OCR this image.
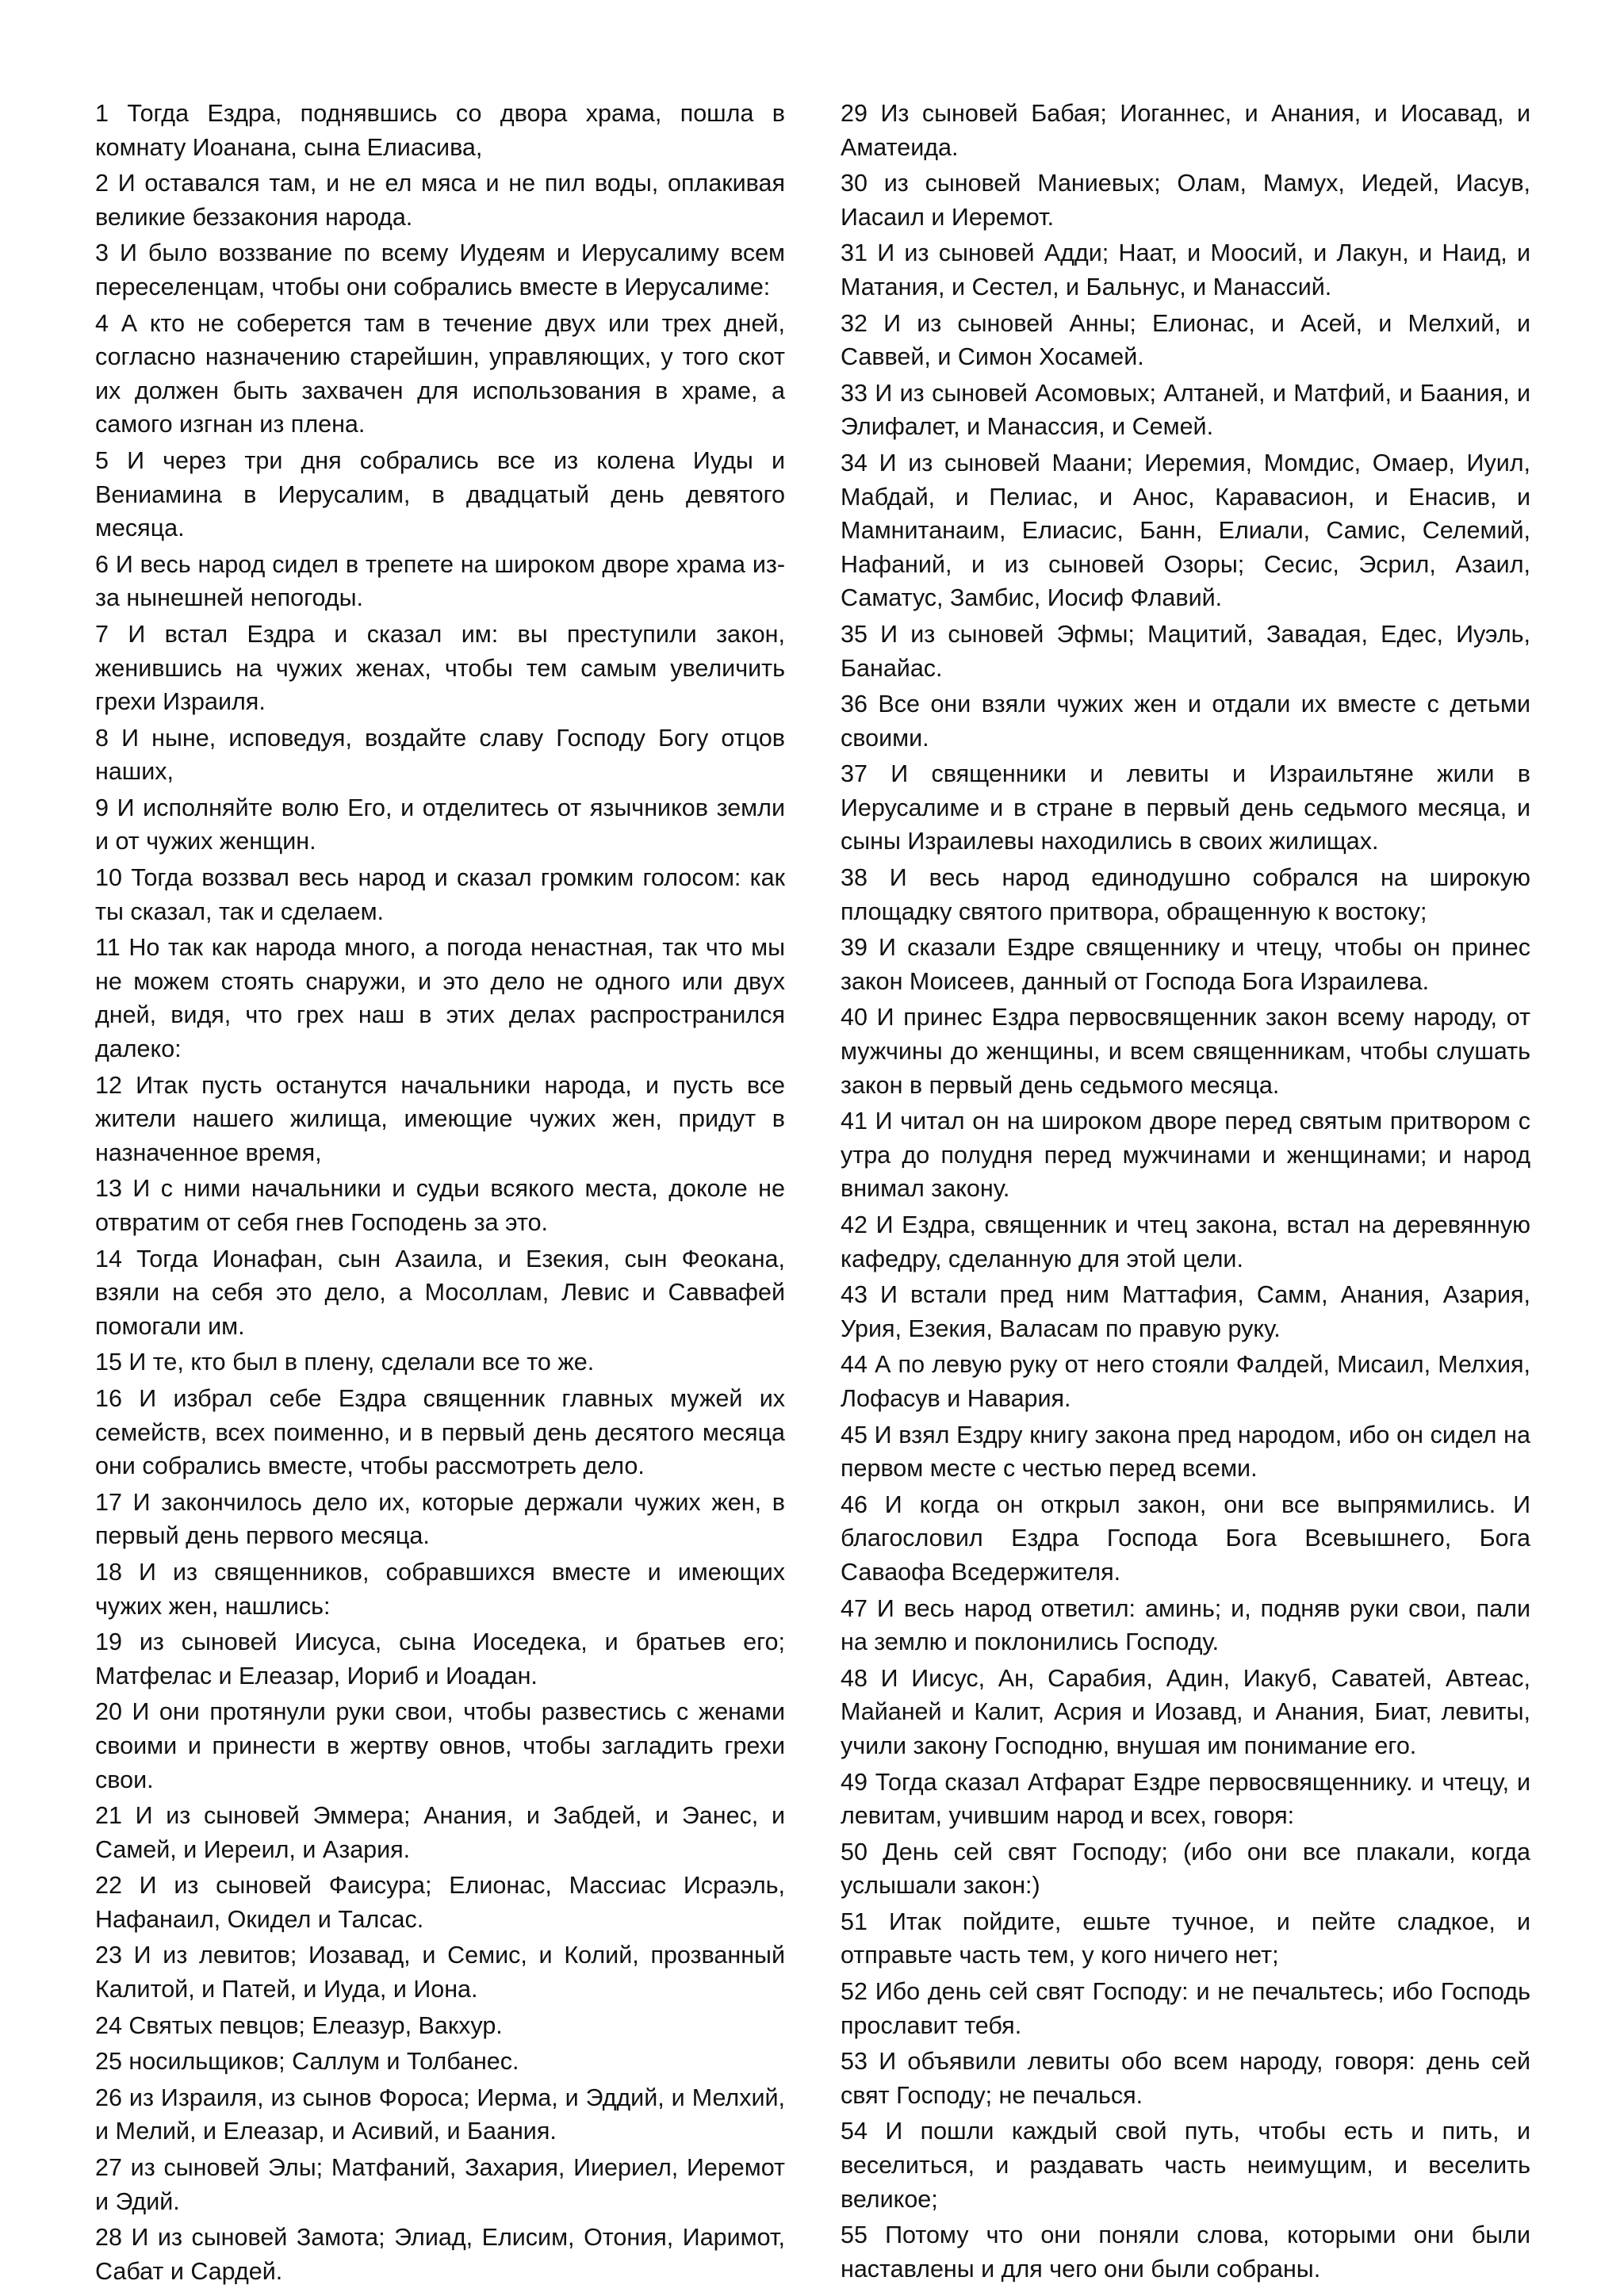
1 Тогда Ездра, поднявшись со двора храма, пошла в комнату Иоанана, сына Елиасива,

2 И оставался там, и не ел мяса и не пил воды, оплакивая великие беззакония народа.

3 И было воззвание по всему Иудеям и Иерусалиму всем переселенцам, чтобы они собрались вместе в Иерусалиме:

4 А кто не соберется там в течение двух или трех дней, согласно назначению старейшин, управляющих, у того скот их должен быть захвачен для использования в храме, а самого изгнан из плена.

5 И через три дня собрались все из колена Иуды и Вениамина в Иерусалим, в двадцатый день девятого месяца.

6 И весь народ сидел в трепете на широком дворе храма из-за нынешней непогоды.

7 И встал Ездра и сказал им: вы преступили закон, женившись на чужих женах, чтобы тем самым увеличить грехи Израиля.

8 И ныне, исповедуя, воздайте славу Господу Богу отцов наших,

9 И исполняйте волю Его, и отделитесь от язычников земли и от чужих женщин.

10 Тогда воззвал весь народ и сказал громким голосом: как ты сказал, так и сделаем.

11 Но так как народа много, а погода ненастная, так что мы не можем стоять снаружи, и это дело не одного или двух дней, видя, что грех наш в этих делах распространился далеко:

12 Итак пусть останутся начальники народа, и пусть все жители нашего жилища, имеющие чужих жен, придут в назначенное время,

13 И с ними начальники и судьи всякого места, доколе не отвратим от себя гнев Господень за это.

14 Тогда Ионафан, сын Азаила, и Езекия, сын Феокана, взяли на себя это дело, а Мосоллам, Левис и Саввафей помогали им.

15 И те, кто был в плену, сделали все то же.

16 И избрал себе Ездра священник главных мужей их семейств, всех поименно, и в первый день десятого месяца они собрались вместе, чтобы рассмотреть дело.

17 И закончилось дело их, которые держали чужих жен, в первый день первого месяца.

18 И из священников, собравшихся вместе и имеющих чужих жен, нашлись:

19 из сыновей Иисуса, сына Иоседека, и братьев его; Матфелас и Елеазар, Иориб и Иоадан.

20 И они протянули руки свои, чтобы развестись с женами своими и принести в жертву овнов, чтобы загладить грехи свои.

21 И из сыновей Эммера; Анания, и Забдей, и Эанес, и Самей, и Иереил, и Азария.

22 И из сыновей Фаисура; Елионас, Массиас Исраэль, Нафанаил, Окидел и Талсас.

23 И из левитов; Иозавад, и Семис, и Колий, прозванный Калитой, и Патей, и Иуда, и Иона.

24 Святых певцов; Елеазур, Вакхур.

25 носильщиков; Саллум и Толбанес.

26 из Израиля, из сынов Фороса; Иерма, и Эддий, и Мелхий, и Мелий, и Елеазар, и Асивий, и Баания.

27 из сыновей Элы; Матфаний, Захария, Ииериел, Иеремот и Эдий.

28 И из сыновей Замота; Элиад, Елисим, Отония, Иаримот, Сабат и Сардей.

29 Из сыновей Бабая; Иоганнес, и Анания, и Иосавад, и Аматеида.

30 из сыновей Маниевых; Олам, Мамух, Иедей, Иасув, Иасаил и Иеремот.

31 И из сыновей Адди; Наат, и Моосий, и Лакун, и Наид, и Матания, и Сестел, и Бальнус, и Манассий.

32 И из сыновей Анны; Елионас, и Асей, и Мелхий, и Саввей, и Симон Хосамей.

33 И из сыновей Асомовых; Алтаней, и Матфий, и Баания, и Элифалет, и Манассия, и Семей.

34 И из сыновей Маани; Иеремия, Момдис, Омаер, Иуил, Мабдай, и Пелиас, и Анос, Каравасион, и Енасив, и Мамнитанаим, Елиасис, Банн, Елиали, Самис, Селемий, Нафаний, и из сыновей Озоры; Сесис, Эсрил, Азаил, Саматус, Замбис, Иосиф Флавий.

35 И из сыновей Эфмы; Мацитий, Завадая, Едес, Иуэль, Банайас.

36 Все они взяли чужих жен и отдали их вместе с детьми своими.

37 И священники и левиты и Израильтяне жили в Иерусалиме и в стране в первый день седьмого месяца, и сыны Израилевы находились в своих жилищах.

38 И весь народ единодушно собрался на широкую площадку святого притвора, обращенную к востоку;

39 И сказали Ездре священнику и чтецу, чтобы он принес закон Моисеев, данный от Господа Бога Израилева.

40 И принес Ездра первосвященник закон всему народу, от мужчины до женщины, и всем священникам, чтобы слушать закон в первый день седьмого месяца.

41 И читал он на широком дворе перед святым притвором с утра до полудня перед мужчинами и женщинами; и народ внимал закону.

42 И Ездра, священник и чтец закона, встал на деревянную кафедру, сделанную для этой цели.

43 И встали пред ним Маттафия, Самм, Анания, Азария, Урия, Езекия, Валасам по правую руку.

44 А по левую руку от него стояли Фалдей, Мисаил, Мелхия, Лофасув и Навария.

45 И взял Ездру книгу закона пред народом, ибо он сидел на первом месте с честью перед всеми.

46 И когда он открыл закон, они все выпрямились. И благословил Ездра Господа Бога Всевышнего, Бога Саваофа Вседержителя.

47 И весь народ ответил: аминь; и, подняв руки свои, пали на землю и поклонились Господу.

48 И Иисус, Ан, Сарабия, Адин, Иакуб, Саватей, Автеас, Майаней и Калит, Асрия и Иозавд, и Анания, Биат, левиты, учили закону Господню, внушая им понимание его.

49 Тогда сказал Атфарат Ездре первосвященнику. и чтецу, и левитам, учившим народ и всех, говоря:

50 День сей свят Господу; (ибо они все плакали, когда услышали закон:)

51 Итак пойдите, ешьте тучное, и пейте сладкое, и отправьте часть тем, у кого ничего нет;

52 Ибо день сей свят Господу: и не печальтесь; ибо Господь прославит тебя.

53 И объявили левиты обо всем народу, говоря: день сей свят Господу; не печалься.

54 И пошли каждый свой путь, чтобы есть и пить, и веселиться, и раздавать часть неимущим, и веселить великое;

55 Потому что они поняли слова, которыми они были наставлены и для чего они были собраны.
